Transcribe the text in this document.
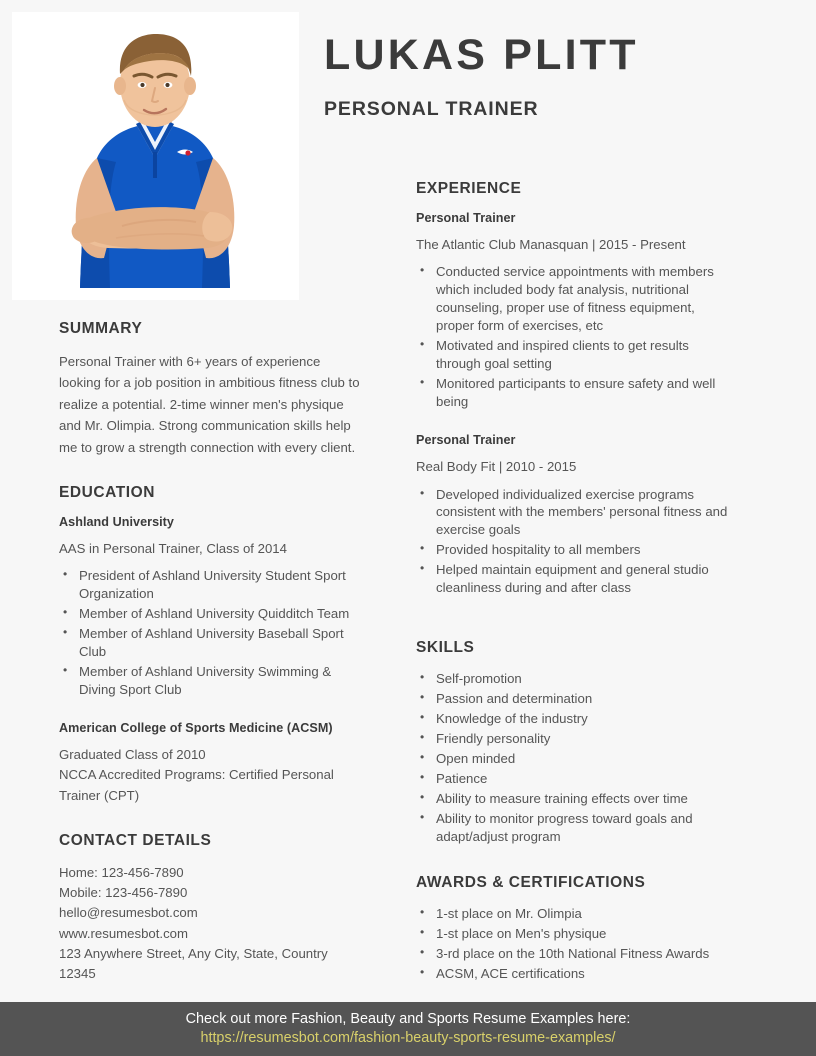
LUKAS PLITT
PERSONAL TRAINER
SUMMARY

Personal Trainer with 6+ years of experience looking for a job position in ambitious fitness club to realize a potential. 2-time winner men's physique and Mr. Olimpia. Strong communication skills help me to grow a strength connection with every client.

EDUCATION
Ashland University
AAS in Personal Trainer, Class of 2014
• President of Ashland University Student Sport Organization
• Member of Ashland University Quidditch Team
• Member of Ashland University Baseball Sport Club
• Member of Ashland University Swimming & Diving Sport Club
American College of Sports Medicine (ACSM)
Graduated Class of 2010
NCCA Accredited Programs: Certified Personal Trainer (CPT)
CONTACT DETAILS
Home: 123-456-7890
Mobile: 123-456-7890
hello@resumesbot.com
www.resumesbot.com
123 Anywhere Street, Any City, State, Country 12345
EXPERIENCE
Personal Trainer
The Atlantic Club Manasquan | 2015 - Present
• Conducted service appointments with members which included body fat analysis, nutritional counseling, proper use of fitness equipment, proper form of exercises, etc
• Motivated and inspired clients to get results through goal setting
• Monitored participants to ensure safety and well being
Personal Trainer
Real Body Fit | 2010 - 2015
• Developed individualized exercise programs consistent with the members' personal fitness and exercise goals
• Provided hospitality to all members
• Helped maintain equipment and general studio cleanliness during and after class
SKILLS
• Self-promotion
• Passion and determination
• Knowledge of the industry
• Friendly personality
• Open minded
• Patience
• Ability to measure training effects over time
• Ability to monitor progress toward goals and adapt/adjust program
AWARDS & CERTIFICATIONS
• 1-st place on Mr. Olimpia
• 1-st place on Men's physique
• 3-rd place on the 10th National Fitness Awards
• ACSM, ACE certifications
Check out more Fashion, Beauty and Sports Resume Examples here:
https://resumesbot.com/fashion-beauty-sports-resume-examples/
